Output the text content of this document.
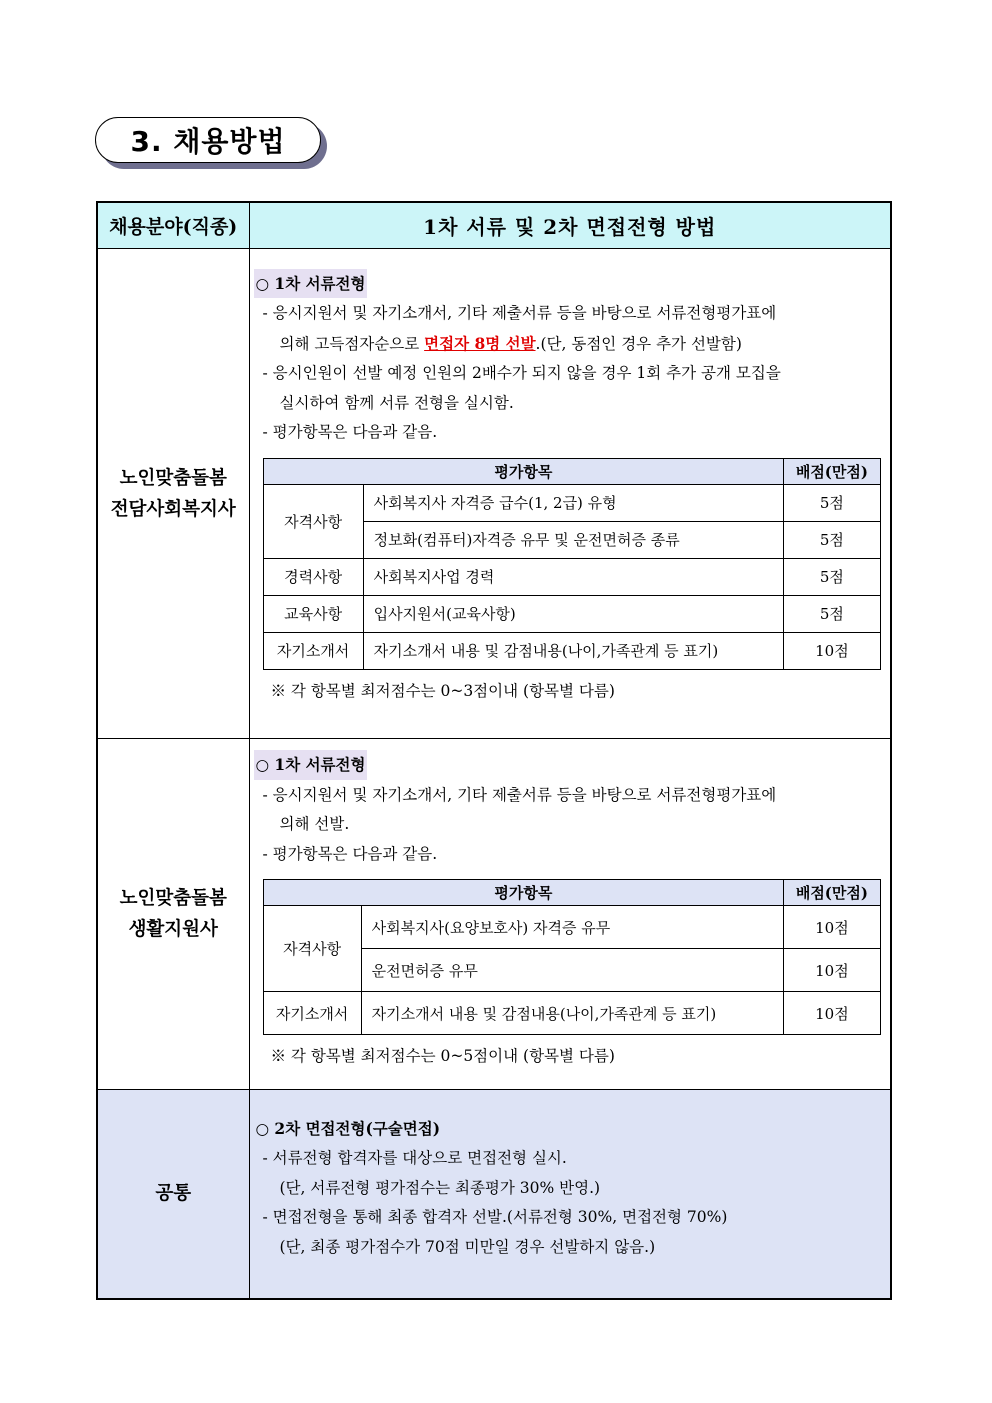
3. 채용방법
채용분야(직종)	1차 서류 및 2차 면접전형 방법

노인맞춤돌봄
전담사회복지사

○ 1차 서류전형
- 응시지원서 및 자기소개서, 기타 제출서류 등을 바탕으로 서류전형평가표에
의해 고득점자순으로 면접자 8명 선발.(단, 동점인 경우 추가 선발함)
- 응시인원이 선발 예정 인원의 2배수가 되지 않을 경우 1회 추가 공개 모집을
실시하여 함께 서류 전형을 실시함.
- 평가항목은 다음과 같음.
평가항목	배점(만점)
자격사항	사회복지사 자격증 급수(1, 2급) 유형	5점
정보화(컴퓨터)자격증 유무 및 운전면허증 종류	5점
경력사항	사회복지사업 경력	5점
교육사항	입사지원서(교육사항)	5점
자기소개서	자기소개서 내용 및 감점내용(나이,가족관계 등 표기)	10점
※ 각 항목별 최저점수는 0~3점이내 (항목별 다름)

노인맞춤돌봄
생활지원사

○ 1차 서류전형
- 응시지원서 및 자기소개서, 기타 제출서류 등을 바탕으로 서류전형평가표에
의해 선발.
- 평가항목은 다음과 같음.
평가항목	배점(만점)
자격사항	사회복지사(요양보호사) 자격증 유무	10점
운전면허증 유무	10점
자기소개서	자기소개서 내용 및 감점내용(나이,가족관계 등 표기)	10점
※ 각 항목별 최저점수는 0~5점이내 (항목별 다름)

공통	
○ 2차 면접전형(구술면접)
- 서류전형 합격자를 대상으로 면접전형 실시.
(단, 서류전형 평가점수는 최종평가 30% 반영.)
- 면접전형을 통해 최종 합격자 선발.(서류전형 30%, 면접전형 70%)
(단, 최종 평가점수가 70점 미만일 경우 선발하지 않음.)
